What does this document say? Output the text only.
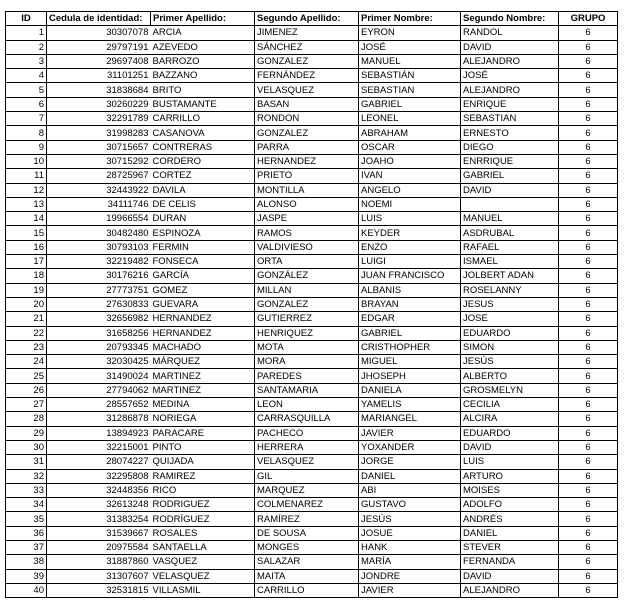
ID	Cedula de identidad:	Primer Apellido:	Segundo Apellido:	Primer Nombre:	Segundo Nombre:	GRUPO
1	30307078	ARCIA	JIMENEZ	EYRON	RANDOL	6
2	29797191	AZEVEDO	SÁNCHEZ	JOSÉ	DAVID	6
3	29697408	BARROZO	GONZALEZ	MANUEL	ALEJANDRO	6
4	31101251	BAZZANO	FERNÁNDEZ	SEBASTIÁN	JOSÉ	6
5	31838684	BRITO	VELASQUEZ	SEBASTIAN	ALEJANDRO	6
6	30260229	BUSTAMANTE	BASAN	GABRIEL	ENRIQUE	6
7	32291789	CARRILLO	RONDON	LEONEL	SEBASTIAN	6
8	31998283	CASANOVA	GONZALEZ	ABRAHAM	ERNESTO	6
9	30715657	CONTRERAS	PARRA	OSCAR	DIEGO	6
10	30715292	CORDERO	HERNANDEZ	JOAHO	ENRRIQUE	6
11	28725967	CORTEZ	PRIETO	IVAN	GABRIEL	6
12	32443922	DAVILA	MONTILLA	ANGELO	DAVID	6
13	34111746	DE CELIS	ALONSO	NOEMI		6
14	19966554	DURAN	JASPE	LUIS	MANUEL	6
15	30482480	ESPINOZA	RAMOS	KEYDER	ASDRUBAL	6
16	30793103	FERMIN	VALDIVIESO	ENZO	RAFAEL	6
17	32219482	FONSECA	ORTA	LUIGI	ISMAEL	6
18	30176216	GARCÍA	GONZÁLEZ	JUAN FRANCISCO	JOLBERT ADAN	6
19	27773751	GOMEZ	MILLAN	ALBANIS	ROSELANNY	6
20	27630833	GUEVARA	GONZALEZ	BRAYAN	JESUS	6
21	32656982	HERNANDEZ	GUTIERREZ	EDGAR	JOSE	6
22	31658256	HERNANDEZ	HENRIQUEZ	GABRIEL	EDUARDO	6
23	20793345	MACHADO	MOTA	CRISTHOPHER	SIMON	6
24	32030425	MÁRQUEZ	MORA	MIGUEL	JESÚS	6
25	31490024	MARTINEZ	PAREDES	JHOSEPH	ALBERTO	6
26	27794062	MARTINEZ	SANTAMARIA	DANIELA	GROSMELYN	6
27	28557652	MEDINA	LEON	YAMELIS	CECILIA	6
28	31286878	NORIEGA	CARRASQUILLA	MARIANGEL	ALCIRA	6
29	13894923	PARACARE	PACHECO	JAVIER	EDUARDO	6
30	32215001	PINTO	HERRERA	YOXANDER	DAVID	6
31	28074227	QUIJADA	VELASQUEZ	JORGE	LUIS	6
32	32295808	RAMIREZ	GIL	DANIEL	ARTURO	6
33	32448356	RICO	MARQUEZ	ABI	MOISES	6
34	32613248	RODRIGUEZ	COLMENAREZ	GUSTAVO	ADOLFO	6
35	31383254	RODRÍGUEZ	RAMÍREZ	JESÚS	ANDRÉS	6
36	31539667	ROSALES	DE SOUSA	JOSUE	DANIEL	6
37	20975584	SANTAELLA	MONGES	HANK	STEVER	6
38	31887860	VASQUEZ	SALAZAR	MARÍA	FERNANDA	6
39	31307607	VELASQUEZ	MAITA	JONDRE	DAVID	6
40	32531815	VILLASMIL	CARRILLO	JAVIER	ALEJANDRO	6
